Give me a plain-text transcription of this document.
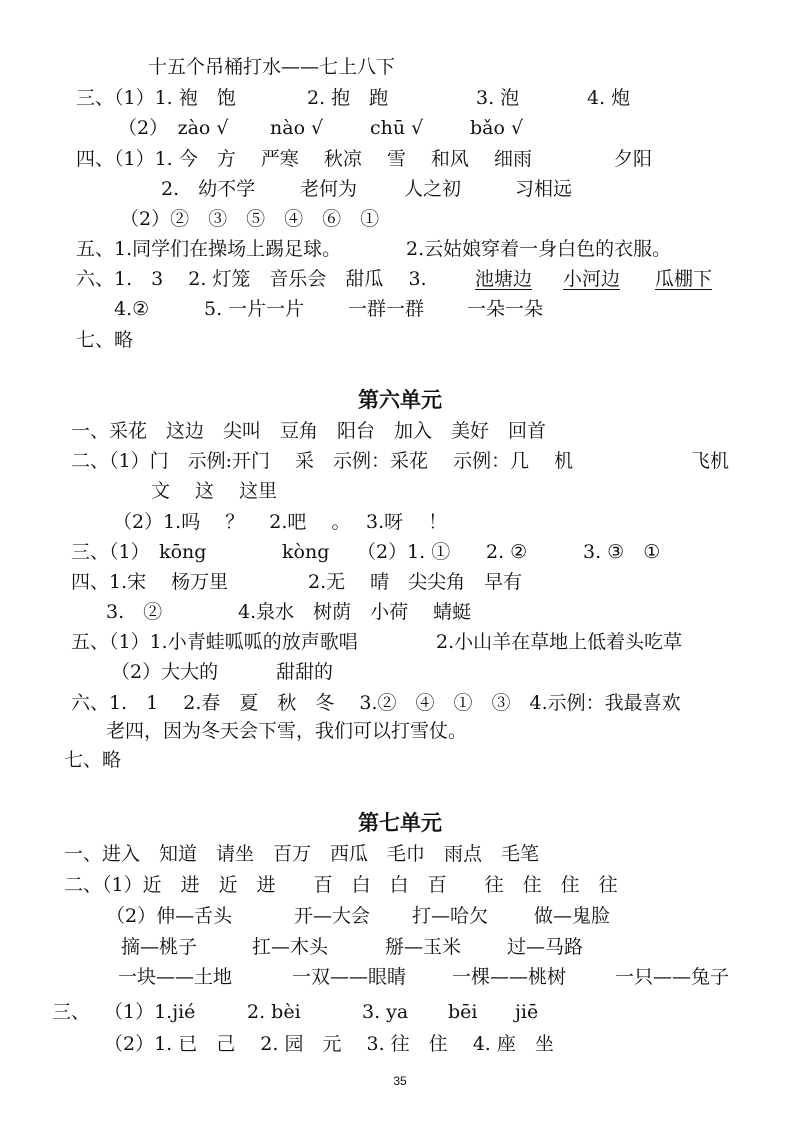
第六单元
第七单元
十五个吊桶打水——七上八下
三、（1）1. 袍　饱	2. 抱　跑	3. 泡	4. 炮
（2）　zào √ nào √ chū √ bǎo √
四、（1）1. 今　方　 严寒　 秋凉　 雪　 和风　 细雨	夕阳
2.　幼不学 老何为 人之初	习相远
（2）②　③　⑤　④　⑥　①
五、1.同学们在操场上踢足球。	2.云姑娘穿着一身白色的衣服。
六、1.　3　 2. 灯笼　音乐会　甜瓜　 3.	池塘边 小河边 瓜棚下
4.②	5. 一片一片 一群一群 一朵一朵
七、略
一、采花　这边　尖叫　豆角　阳台　加入　美好　回首
二、（1）门　示例:开门　 采　示例：采花　 示例：几　 机	飞机
文　 这　 这里
（2）1.吗　 ？　 2.吧　 。　 3.呀　 ！
三、（1）　kōng	kòng （2）1. ① 2. ②	3. ③　①
四、1.宋　 杨万里	2.无　 晴　尖尖角　早有
3.　②	4.泉水　树荫　小荷　 蜻蜓
五、（1）1.小青蛙呱呱的放声歌唱	2.小山羊在草地上低着头吃草
（2）大大的	甜甜的
六、1.　1　 2.春　夏　秋　冬　 3.②　④　①　③　4.示例：我最喜欢
老四，因为冬天会下雪，我们可以打雪仗。
七、略
一、进入　知道　请坐　百万　西瓜　毛巾　雨点　毛笔
二、（1）近　进　近　进　　百　白　白　百　　往　住　住　往
（2）伸—舌头	开—大会 打—哈欠 做—鬼脸
摘—桃子	扛—木头	掰—玉米 过—马路
一块——土地	一双——眼睛 一棵——桃树	一只——兔子
三、 （1）1.jié	2. bèi	3. ya bēi jiē
（2）1. 已　己　 2. 园　元　 3. 往　住　 4. 座　坐
35
